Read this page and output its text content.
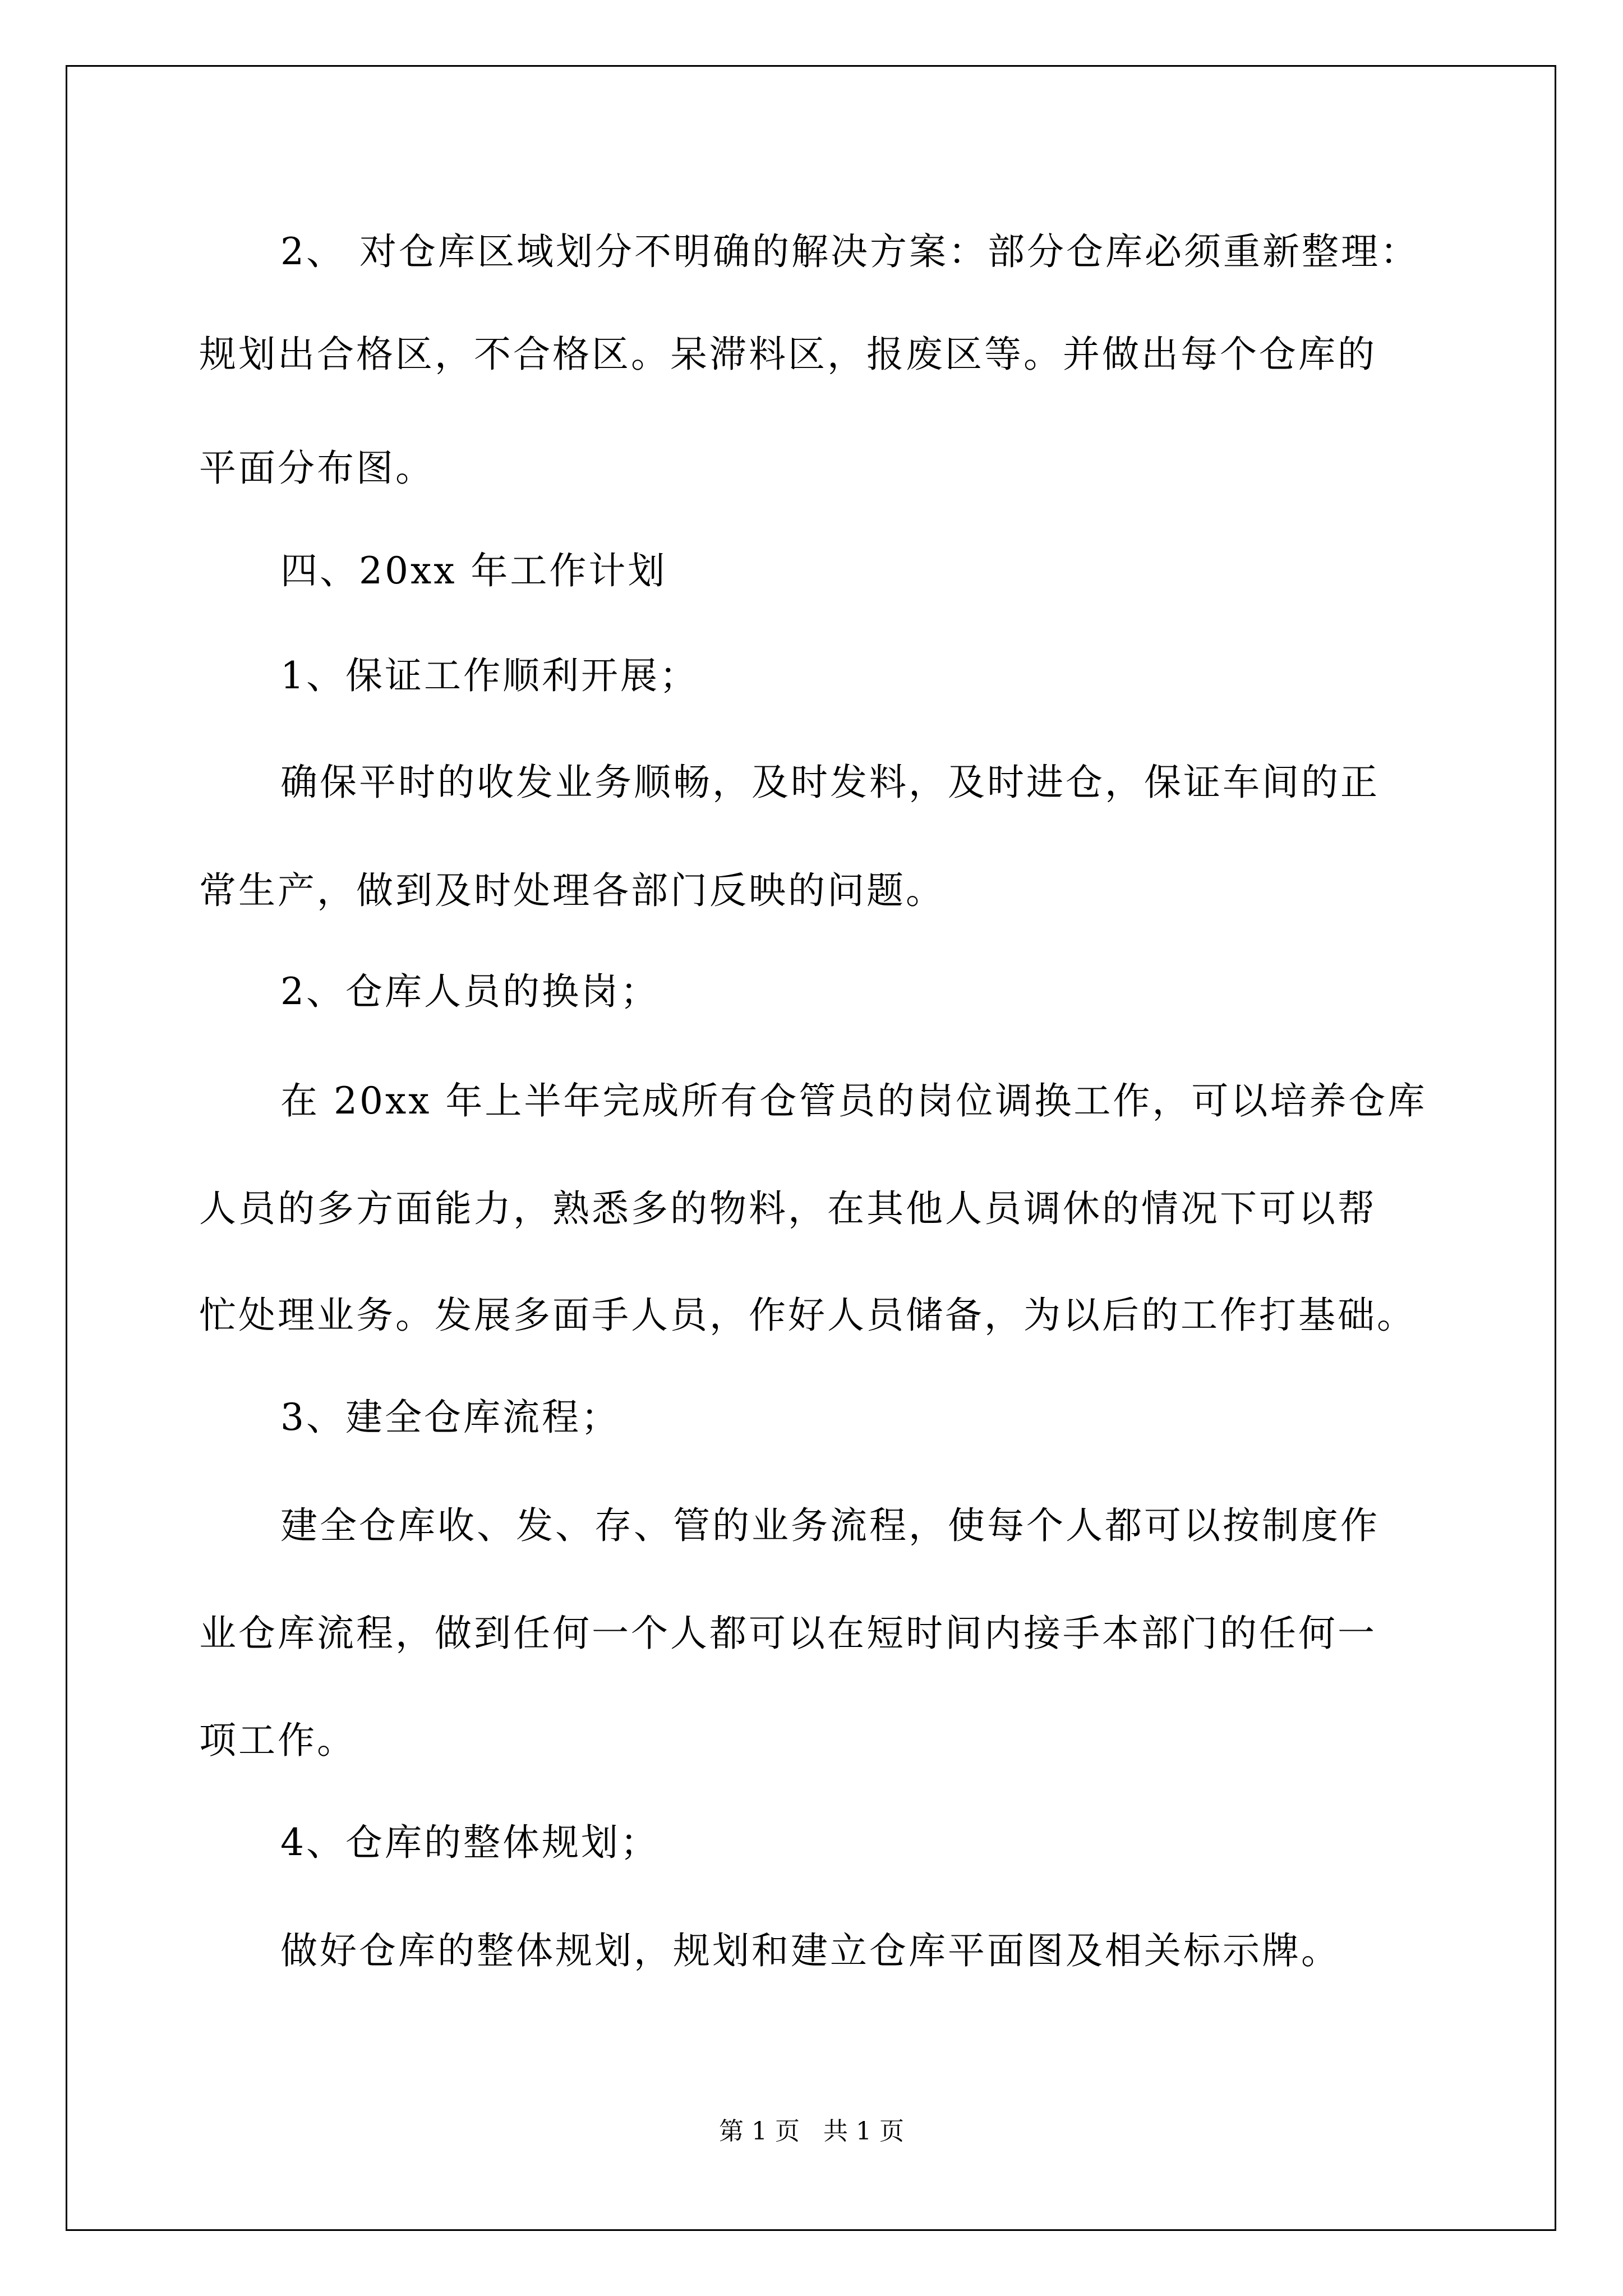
2、 对仓库区域划分不明确的解决方案：部分仓库必须重新整理：
规划出合格区，不合格区。呆滞料区，报废区等。并做出每个仓库的
平面分布图。
四、20xx 年工作计划
1、保证工作顺利开展；
确保平时的收发业务顺畅，及时发料，及时进仓，保证车间的正
常生产，做到及时处理各部门反映的问题。
2、仓库人员的换岗；
在 20xx 年上半年完成所有仓管员的岗位调换工作，可以培养仓库
人员的多方面能力，熟悉多的物料，在其他人员调休的情况下可以帮
忙处理业务。发展多面手人员，作好人员储备，为以后的工作打基础。
3、建全仓库流程；
建全仓库收、发、存、管的业务流程，使每个人都可以按制度作
业仓库流程，做到任何一个人都可以在短时间内接手本部门的任何一
项工作。
4、仓库的整体规划；
做好仓库的整体规划，规划和建立仓库平面图及相关标示牌。
第 1 页   共 1 页
